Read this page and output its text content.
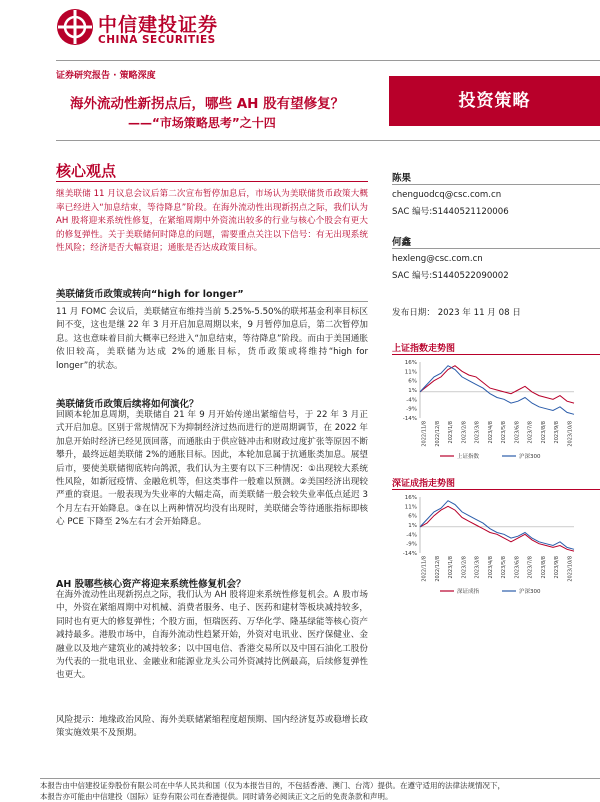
中信建投证券
CHINA SECURITIES
证券研究报告 · 策略深度
海外流动性新拐点后，哪些 AH 股有望修复？
——“市场策略思考”之十四
投资策略
核心观点
继美联储 11 月议息会议后第二次宣布暂停加息后，市场认为美联储货币政策大概率已经进入“加息结束，等待降息”阶段。在海外流动性出现新拐点之际，我们认为 AH 股将迎来系统性修复，在紧缩周期中外资流出较多的行业与核心个股会有更大的修复弹性。关于美联储何时降息的问题，需要重点关注以下信号：有无出现系统性风险；经济是否大幅衰退；通胀是否达成政策目标。
美联储货币政策或转向“high for longer”
11 月 FOMC 会议后，美联储宣布维持当前 5.25%-5.50%的联邦基金利率目标区间不变，这也是继 22 年 3 月开启加息周期以来，9 月暂停加息后，第二次暂停加息。这也意味着目前大概率已经进入“加息结束，等待降息”阶段。而由于美国通胀依旧较高，美联储为达成 2%的通胀目标，货币政策或将维持“high for longer”的状态。
美联储货币政策后续将如何演化？
回顾本轮加息周期，美联储自 21 年 9 月开始传递出紧缩信号，于 22 年 3 月正式开启加息。区别于常规情况下为抑制经济过热而进行的逆周期调节，在 2022 年加息开始时经济已经见顶回落，而通胀由于供应链冲击和财政过度扩张等原因不断攀升，最终远超美联储 2%的通胀目标。因此，本轮加息属于抗通胀类加息。展望后市，要使美联储彻底转向鸽派，我们认为主要有以下三种情况：①出现较大系统性风险，如新冠疫情、金融危机等，但这类事件一般难以预测。②美国经济出现较严重的衰退。一般表现为失业率的大幅走高，而美联储一般会较失业率低点延迟 3 个月左右开始降息。③在以上两种情况均没有出现时，美联储会等待通胀指标即核心 PCE 下降至 2%左右才会开始降息。
AH 股哪些核心资产将迎来系统性修复机会？
在海外流动性出现新拐点之际，我们认为 AH 股将迎来系统性修复机会。A 股市场中，外资在紧缩周期中对机械、消费者服务、电子、医药和建材等板块减持较多，同时也有更大的修复弹性；个股方面，恒瑞医药、万华化学、隆基绿能等核心资产减持最多。港股市场中，自海外流动性趋紧开始，外资对电讯业、医疗保健业、金融业以及地产建筑业的减持较多；以中国电信、香港交易所以及中国石油化工股份为代表的一批电讯业、金融业和能源业龙头公司外资减持比例最高，后续修复弹性也更大。
风险提示：地缘政治风险、海外美联储紧缩程度超预期、国内经济复苏或稳增长政策实施效果不及预期。
陈果
chenguodcq@csc.com.cn
SAC 编号:S1440521120006
何鑫
hexleng@csc.com.cn
SAC 编号:S1440522090002
发布日期： 2023 年 11 月 08 日
上证指数走势图
16%
11%
6%
1%
-4%
-9%
-14%
2022/11/8 2022/12/8 2023/1/8 2023/2/8 2023/3/8 2023/4/8 2023/5/8 2023/6/8 2023/7/8 2023/8/8 2023/9/8 2023/10/8
上证指数	沪深300
深证成指走势图
16%
11%
6%
1%
-4%
-9%
-14%
2022/11/8 2022/12/8 2023/1/8 2023/2/8 2023/3/8 2023/4/8 2023/5/8 2023/6/8 2023/7/8 2023/8/8 2023/9/8 2023/10/8
深证成指	沪深300
本报告由中信建投证券股份有限公司在中华人民共和国（仅为本报告目的，不包括香港、澳门、台湾）提供。在遵守适用的法律法规情况下，
本报告亦可能由中信建投（国际）证券有限公司在香港提供。同时请务必阅读正文之后的免责条款和声明。
